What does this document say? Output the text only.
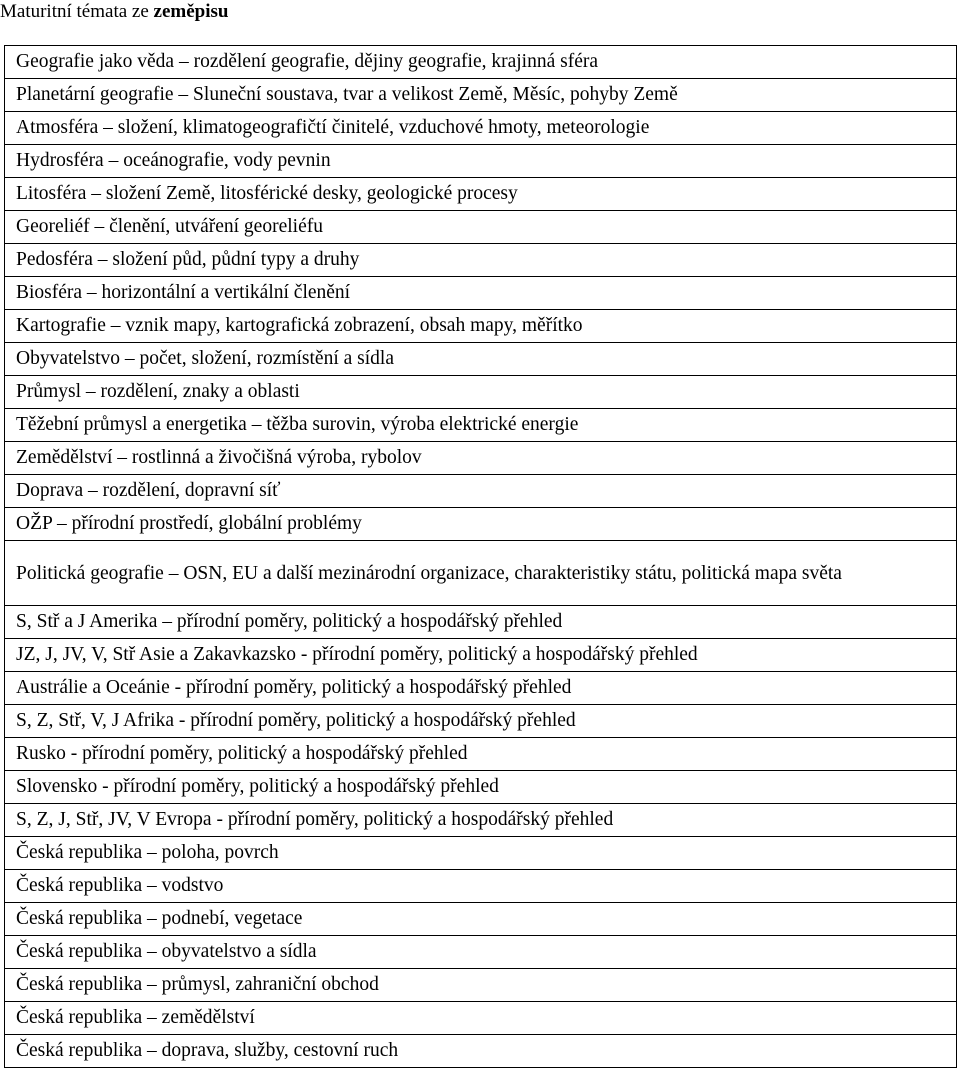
Maturitní témata ze zeměpisu
Geografie jako věda – rozdělení geografie, dějiny geografie, krajinná sféra
Planetární geografie – Sluneční soustava, tvar a velikost Země, Měsíc, pohyby Země
Atmosféra – složení, klimatogeografičtí činitelé, vzduchové hmoty, meteorologie
Hydrosféra – oceánografie, vody pevnin
Litosféra – složení Země, litosférické desky, geologické procesy
Georeliéf – členění, utváření georeliéfu
Pedosféra – složení půd, půdní typy a druhy
Biosféra – horizontální a vertikální členění
Kartografie – vznik mapy, kartografická zobrazení, obsah mapy, měřítko
Obyvatelstvo – počet, složení, rozmístění a sídla
Průmysl – rozdělení, znaky a oblasti
Těžební průmysl a energetika – těžba surovin, výroba elektrické energie
Zemědělství – rostlinná a živočišná výroba, rybolov
Doprava – rozdělení, dopravní síť
OŽP – přírodní prostředí, globální problémy
Politická geografie – OSN, EU a další mezinárodní organizace, charakteristiky státu, politická mapa světa
S, Stř a J Amerika – přírodní poměry, politický a hospodářský přehled
JZ, J, JV, V, Stř Asie a Zakavkazsko - přírodní poměry, politický a hospodářský přehled
Austrálie a Oceánie - přírodní poměry, politický a hospodářský přehled
S, Z, Stř, V, J Afrika - přírodní poměry, politický a hospodářský přehled
Rusko - přírodní poměry, politický a hospodářský přehled
Slovensko - přírodní poměry, politický a hospodářský přehled
S, Z, J, Stř, JV, V Evropa - přírodní poměry, politický a hospodářský přehled
Česká republika – poloha, povrch
Česká republika – vodstvo
Česká republika – podnebí, vegetace
Česká republika – obyvatelstvo a sídla
Česká republika – průmysl, zahraniční obchod
Česká republika – zemědělství
Česká republika – doprava, služby, cestovní ruch
